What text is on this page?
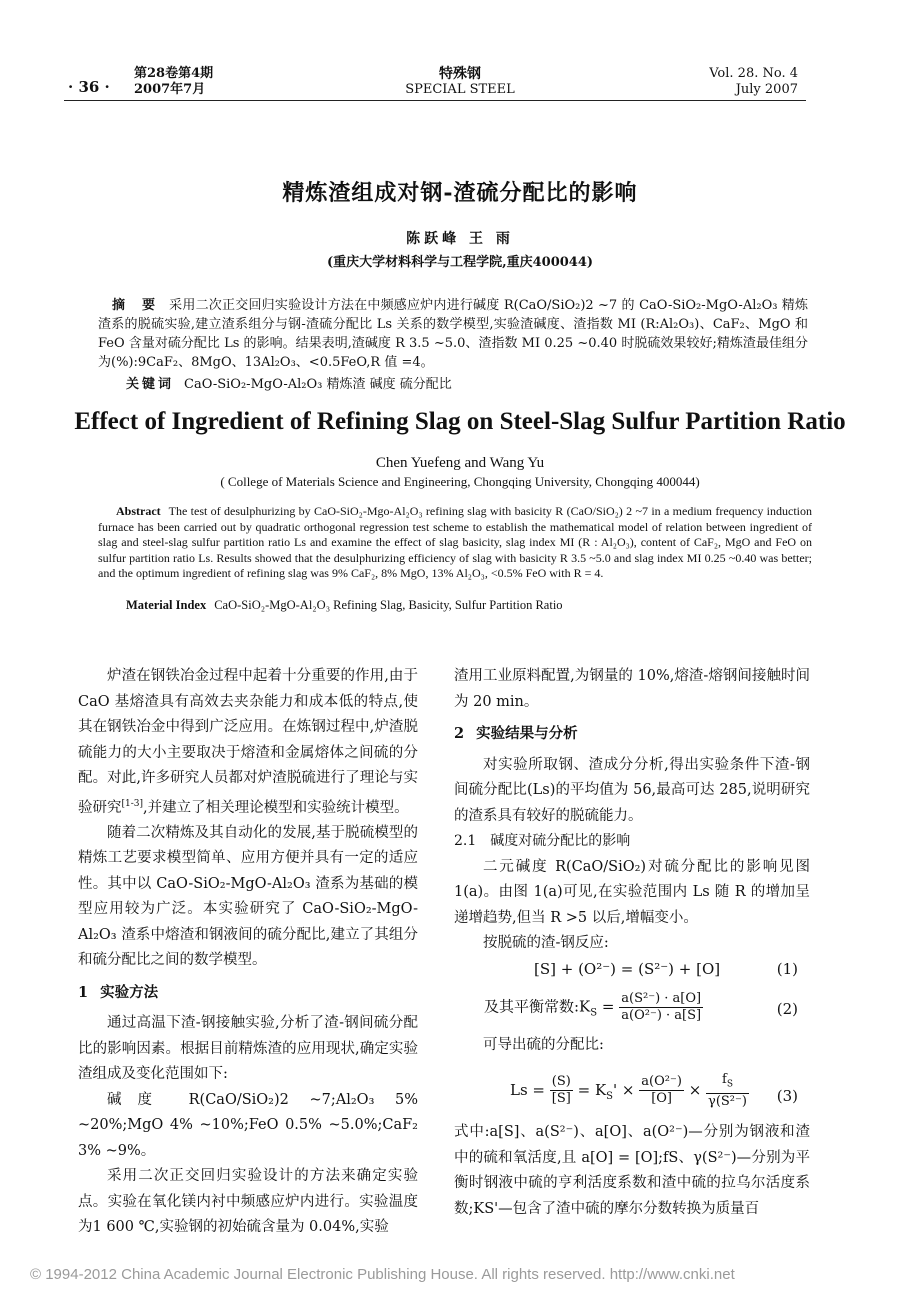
· 36 ·
第28卷第4期
2007年7月
特殊钢
SPECIAL STEEL
Vol. 28. No. 4
July 2007
精炼渣组成对钢-渣硫分配比的影响
陈跃峰 王 雨
(重庆大学材料科学与工程学院,重庆400044)
摘 要 采用二次正交回归实验设计方法在中频感应炉内进行碱度 R(CaO/SiO₂)2 ~7 的 CaO-SiO₂-MgO-Al₂O₃ 精炼渣系的脱硫实验,建立渣系组分与钢-渣硫分配比 Ls 关系的数学模型,实验渣碱度、渣指数 MI (R:Al₂O₃)、CaF₂、MgO 和 FeO 含量对硫分配比 Ls 的影响。结果表明,渣碱度 R 3.5 ~5.0、渣指数 MI 0.25 ~0.40 时脱硫效果较好;精炼渣最佳组分为(%):9CaF₂、8MgO、13Al₂O₃、<0.5FeO,R 值 =4。
关键词 CaO-SiO₂-MgO-Al₂O₃ 精炼渣 碱度 硫分配比
Effect of Ingredient of Refining Slag on Steel-Slag Sulfur Partition Ratio
Chen Yuefeng and Wang Yu
( College of Materials Science and Engineering, Chongqing University, Chongqing 400044)
Abstract The test of desulphurizing by CaO-SiO₂-Mgo-Al₂O₃ refining slag with basicity R (CaO/SiO₂) 2 ~7 in a medium frequency induction furnace has been carried out by quadratic orthogonal regression test scheme to establish the mathematical model of relation between ingredient of slag and steel-slag sulfur partition ratio Ls and examine the effect of slag basicity, slag index MI (R : Al₂O₃), content of CaF₂, MgO and FeO on sulfur partition ratio Ls. Results showed that the desulphurizing efficiency of slag with basicity R 3.5 ~5.0 and slag index MI 0.25 ~0.40 was better; and the optimum ingredient of refining slag was 9% CaF₂, 8% MgO, 13% Al₂O₃, <0.5% FeO with R = 4.
Material Index CaO-SiO₂-MgO-Al₂O₃ Refining Slag, Basicity, Sulfur Partition Ratio

炉渣在钢铁冶金过程中起着十分重要的作用,由于 CaO 基熔渣具有高效去夹杂能力和成本低的特点,使其在钢铁冶金中得到广泛应用。在炼钢过程中,炉渣脱硫能力的大小主要取决于熔渣和金属熔体之间硫的分配。对此,许多研究人员都对炉渣脱硫进行了理论与实验研究[1-3],并建立了相关理论模型和实验统计模型。

随着二次精炼及其自动化的发展,基于脱硫模型的精炼工艺要求模型简单、应用方便并具有一定的适应性。其中以 CaO-SiO₂-MgO-Al₂O₃ 渣系为基础的模型应用较为广泛。本实验研究了 CaO-SiO₂-MgO-Al₂O₃ 渣系中熔渣和钢液间的硫分配比,建立了其组分和硫分配比之间的数学模型。

1 实验方法

通过高温下渣-钢接触实验,分析了渣-钢间硫分配比的影响因素。根据目前精炼渣的应用现状,确定实验渣组成及变化范围如下:

碱度 R(CaO/SiO₂)2 ~7;Al₂O₃ 5% ~20%;MgO 4% ~10%;FeO 0.5% ~5.0%;CaF₂ 3% ~9%。

采用二次正交回归实验设计的方法来确定实验点。实验在氧化镁内衬中频感应炉内进行。实验温度为1 600 ℃,实验钢的初始硫含量为 0.04%,实验

渣用工业原料配置,为钢量的 10%,熔渣-熔钢间接触时间为 20 min。

2 实验结果与分析

对实验所取钢、渣成分分析,得出实验条件下渣-钢间硫分配比(Ls)的平均值为 56,最高可达 285,说明研究的渣系具有较好的脱硫能力。

2.1 碱度对硫分配比的影响

二元碱度 R(CaO/SiO₂)对硫分配比的影响见图 1(a)。由图 1(a)可见,在实验范围内 Ls 随 R 的增加呈递增趋势,但当 R >5 以后,增幅变小。

按脱硫的渣-钢反应:

[S] + (O²⁻) = (S²⁻) + [O]	(1)
及其平衡常数$:K_S = \frac{\text{a(S²⁻) · a[O]}}{\text{a(O²⁻) · a[S]}}$	(2)

可导出硫的分配比:

$Ls = \frac{(S)}{[S]} = K_S' \times \frac{\text{a(O²⁻)}}{[O]} \times \frac{f_S}{\text{γ(S²⁻)}} (3)$

式中:a[S]、a(S²⁻)、a[O]、a(O²⁻)—分别为钢液和渣中的硫和氧活度,且 a[O] = [O];fS、γ(S²⁻)—分别为平衡时钢液中硫的亨利活度系数和渣中硫的拉乌尔活度系数;KS'—包含了渣中硫的摩尔分数转换为质量百

© 1994-2012 China Academic Journal Electronic Publishing House. All rights reserved. http://www.cnki.net
